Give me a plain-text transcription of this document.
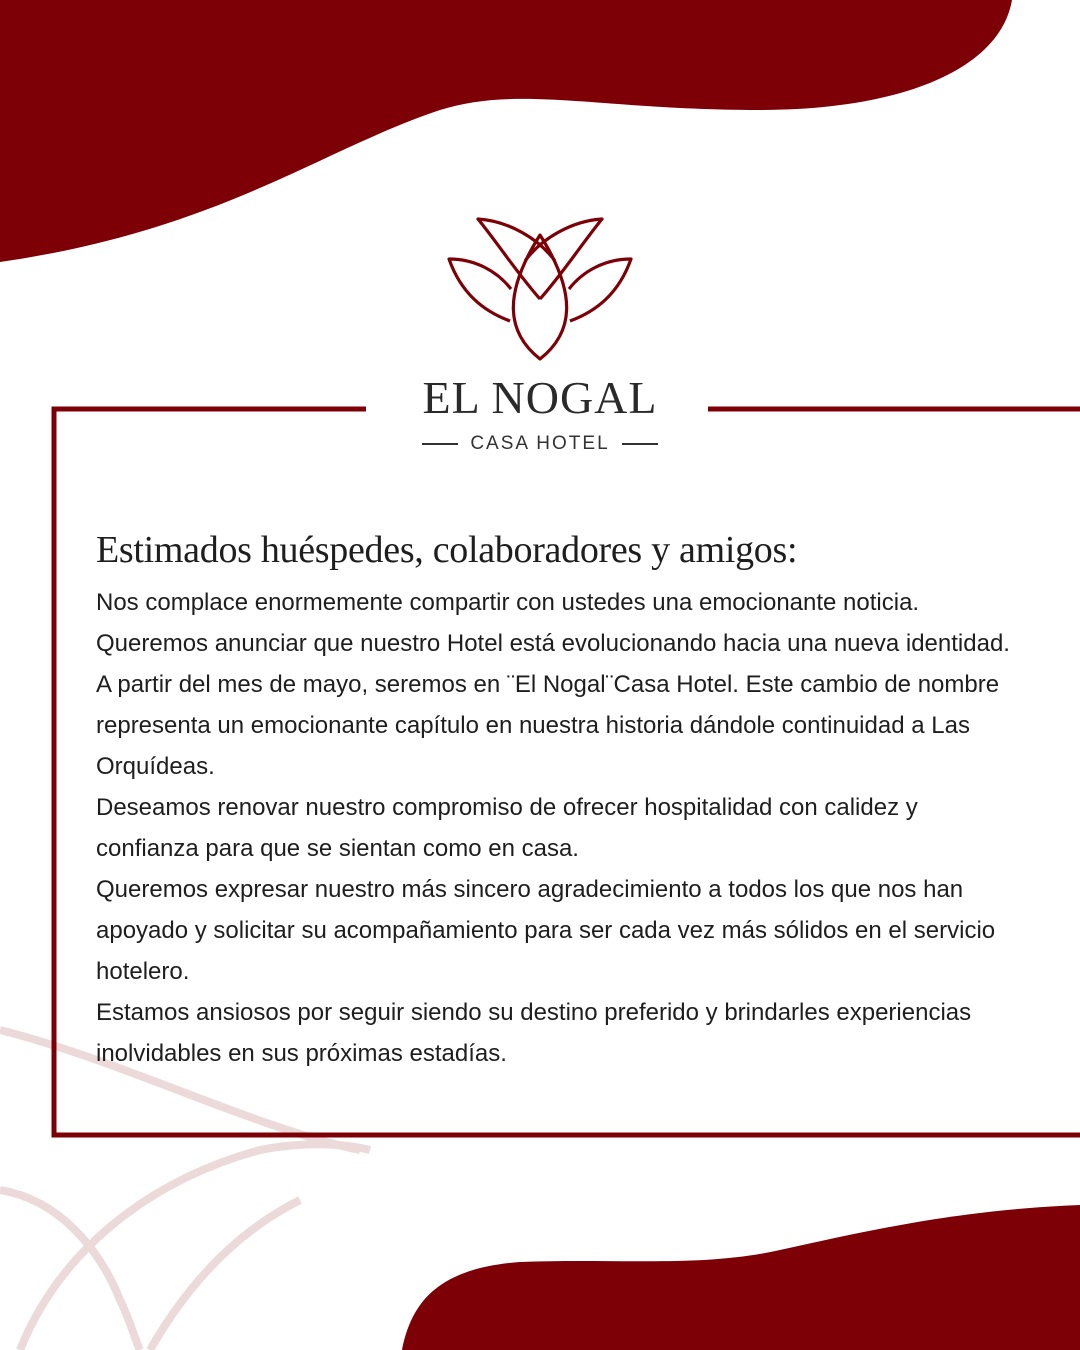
EL NOGAL
CASA HOTEL
Estimados huéspedes, colaboradores y amigos:

Nos complace enormemente compartir con ustedes una emocionante noticia. Queremos anunciar que nuestro Hotel está evolucionando hacia una nueva identidad. A partir del mes de mayo, seremos en ¨El Nogal¨Casa Hotel. Este cambio de nombre representa un emocionante capítulo en nuestra historia dándole continuidad a Las Orquídeas.

Deseamos renovar nuestro compromiso de ofrecer hospitalidad con calidez y confianza para que se sientan como en casa.

Queremos expresar nuestro más sincero agradecimiento a todos los que nos han apoyado y solicitar su acompañamiento para ser cada vez más sólidos en el servicio hotelero.

Estamos ansiosos por seguir siendo su destino preferido y brindarles experiencias inolvidables en sus próximas estadías.
